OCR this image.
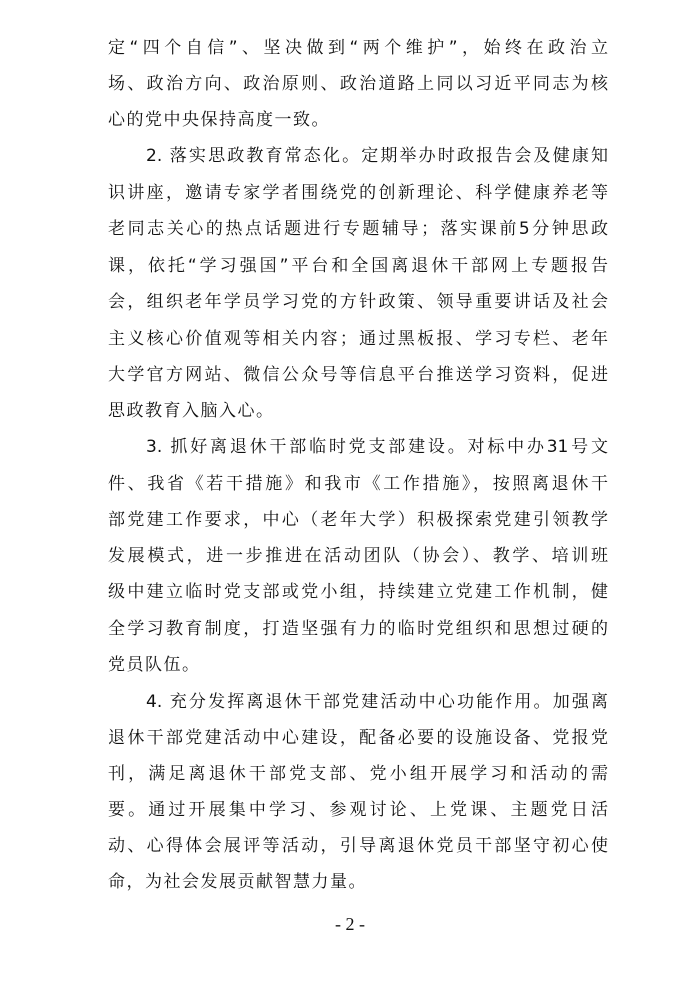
定“四个自信”、坚决做到“两个维护”，始终在政治立
场、政治方向、政治原则、政治道路上同以习近平同志为核
心的党中央保持高度一致。
2. 落实思政教育常态化。定期举办时政报告会及健康知
识讲座，邀请专家学者围绕党的创新理论、科学健康养老等
老同志关心的热点话题进行专题辅导；落实课前5分钟思政
课，依托“学习强国”平台和全国离退休干部网上专题报告
会，组织老年学员学习党的方针政策、领导重要讲话及社会
主义核心价值观等相关内容；通过黑板报、学习专栏、老年
大学官方网站、微信公众号等信息平台推送学习资料，促进
思政教育入脑入心。
3. 抓好离退休干部临时党支部建设。对标中办31号文
件、我省《若干措施》和我市《工作措施》，按照离退休干
部党建工作要求，中心（老年大学）积极探索党建引领教学
发展模式，进一步推进在活动团队（协会）、教学、培训班
级中建立临时党支部或党小组，持续建立党建工作机制，健
全学习教育制度，打造坚强有力的临时党组织和思想过硬的
党员队伍。
4. 充分发挥离退休干部党建活动中心功能作用。加强离
退休干部党建活动中心建设，配备必要的设施设备、党报党
刊，满足离退休干部党支部、党小组开展学习和活动的需
要。通过开展集中学习、参观讨论、上党课、主题党日活
动、心得体会展评等活动，引导离退休党员干部坚守初心使
命，为社会发展贡献智慧力量。
- 2 -
